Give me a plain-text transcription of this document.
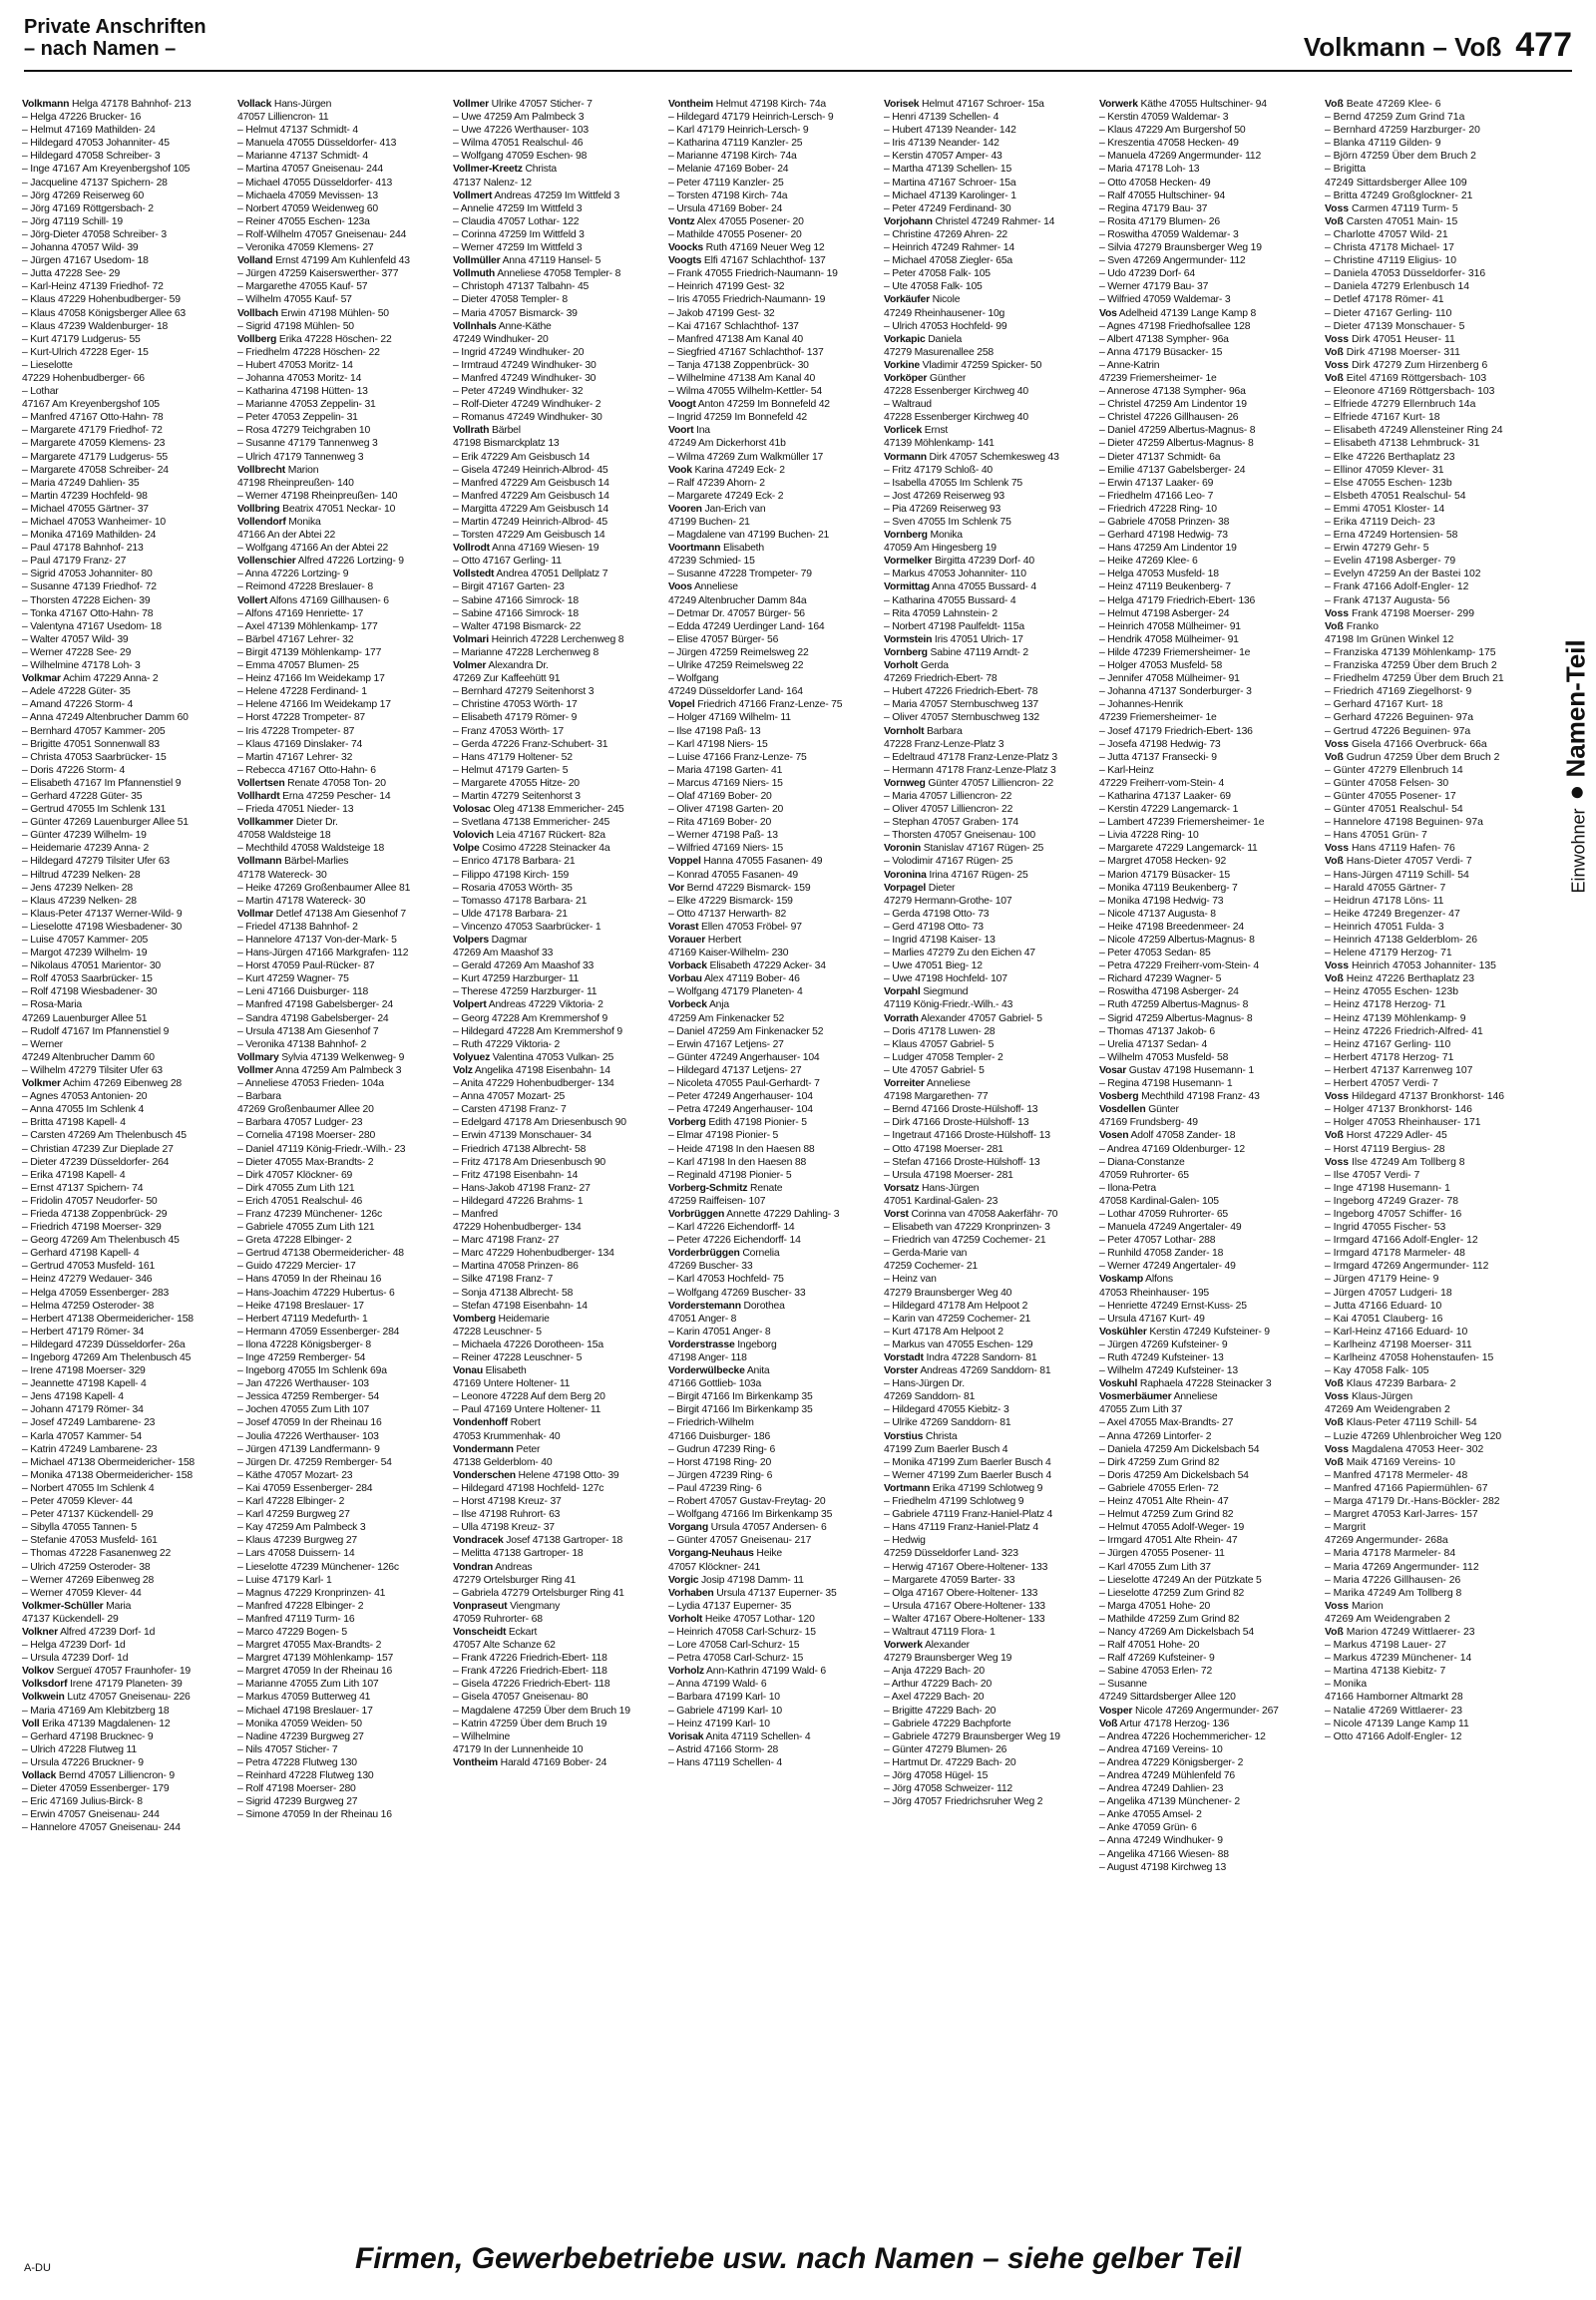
Private Anschriften
– nach Namen –	Volkmann – Voß 477
Volkmann Helga 47178 Bahnhof- 213
– Helga 47226 Brucker- 16
– Helmut 47169 Mathilden- 24
– Hildegard 47053 Johanniter- 45
– Hildegard 47058 Schreiber- 3
– Inge 47167 Am Kreyenbergshof 105
– Jacqueline 47137 Spichern- 28
– Jörg 47269 Reiserweg 60
– Jörg 47169 Röttgersbach- 2
– Jörg 47119 Schill- 19
– Jörg-Dieter 47058 Schreiber- 3
– Johanna 47057 Wild- 39
– Jürgen 47167 Usedom- 18
– Jutta 47228 See- 29
– Karl-Heinz 47139 Friedhof- 72
– Klaus 47229 Hohenbudberger- 59
– Klaus 47058 Königsberger Allee 63
– Klaus 47239 Waldenburger- 18
– Kurt 47179 Ludgerus- 55
– Kurt-Ulrich 47228 Eger- 15
– Lieselotte
47229 Hohenbudberger- 66
– Lothar
47167 Am Kreyenbergshof 105
– Manfred 47167 Otto-Hahn- 78
– Margarete 47179 Friedhof- 72
– Margarete 47059 Klemens- 23
– Margarete 47179 Ludgerus- 55
– Margarete 47058 Schreiber- 24
– Maria 47249 Dahlien- 35
– Martin 47239 Hochfeld- 98
– Michael 47055 Gärtner- 37
– Michael 47053 Wanheimer- 10
– Monika 47169 Mathilden- 24
– Paul 47178 Bahnhof- 213
– Paul 47179 Franz- 27
– Sigrid 47053 Johanniter- 80
– Susanne 47139 Friedhof- 72
– Thorsten 47228 Eichen- 39
– Tonka 47167 Otto-Hahn- 78
– Valentyna 47167 Usedom- 18
– Walter 47057 Wild- 39
– Werner 47228 See- 29
– Wilhelmine 47178 Loh- 3
Volkmar Achim 47229 Anna- 2
– Adele 47228 Güter- 35
– Amand 47226 Storm- 4
– Anna 47249 Altenbrucher Damm 60
– Bernhard 47057 Kammer- 205
– Brigitte 47051 Sonnenwall 83
– Christa 47053 Saarbrücker- 15
– Doris 47226 Storm- 4
– Elisabeth 47167 Im Pfannenstiel 9
– Gerhard 47228 Güter- 35
– Gertrud 47055 Im Schlenk 131
– Günter 47269 Lauenburger Allee 51
– Günter 47239 Wilhelm- 19
– Heidemarie 47239 Anna- 2
– Hildegard 47279 Tilsiter Ufer 63
– Hiltrud 47239 Nelken- 28
– Jens 47239 Nelken- 28
– Klaus 47239 Nelken- 28
– Klaus-Peter 47137 Werner-Wild- 9
– Lieselotte 47198 Wiesbadener- 30
– Luise 47057 Kammer- 205
– Margot 47239 Wilhelm- 19
– Nikolaus 47051 Marientor- 30
– Rolf 47053 Saarbrücker- 15
– Rolf 47198 Wiesbadener- 30
– Rosa-Maria
47269 Lauenburger Allee 51
– Rudolf 47167 Im Pfannenstiel 9
– Werner
47249 Altenbrucher Damm 60
– Wilhelm 47279 Tilsiter Ufer 63
Volkmer Achim 47269 Eibenweg 28
– Agnes 47053 Antonien- 20
– Anna 47055 Im Schlenk 4
– Britta 47198 Kapell- 4
– Carsten 47269 Am Thelenbusch 45
– Christian 47239 Zur Dieplade 27
– Dieter 47239 Düsseldorfer- 264
– Erika 47198 Kapell- 4
– Ernst 47137 Spichern- 74
– Fridolin 47057 Neudorfer- 50
– Frieda 47138 Zoppenbrück- 29
– Friedrich 47198 Moerser- 329
– Georg 47269 Am Thelenbusch 45
– Gerhard 47198 Kapell- 4
– Gertrud 47053 Musfeld- 161
– Heinz 47279 Wedauer- 346
– Helga 47059 Essenberger- 283
– Helma 47259 Osteroder- 38
– Herbert 47138 Obermeidericher- 158
– Herbert 47179 Römer- 34
– Hildegard 47239 Düsseldorfer- 26a
– Ingeborg 47269 Am Thelenbusch 45
– Irene 47198 Moerser- 329
– Jeannette 47198 Kapell- 4
– Jens 47198 Kapell- 4
– Johann 47179 Römer- 34
– Josef 47249 Lambarene- 23
– Karla 47057 Kammer- 54
– Katrin 47249 Lambarene- 23
– Michael 47138 Obermeidericher- 158
– Monika 47138 Obermeidericher- 158
– Norbert 47055 Im Schlenk 4
– Peter 47059 Klever- 44
– Peter 47137 Kückendell- 29
– Sibylla 47055 Tannen- 5
– Stefanie 47053 Musfeld- 161
– Thomas 47228 Fasanenweg 22
– Ulrich 47259 Osteroder- 38
– Werner 47269 Eibenweg 28
– Werner 47059 Klever- 44
Volkmer-Schüller Maria
47137 Kückendell- 29
Volkner Alfred 47239 Dorf- 1d
– Helga 47239 Dorf- 1d
– Ursula 47239 Dorf- 1d
Volkov Sergueï 47057 Fraunhofer- 19
Volksdorf Irene 47179 Planeten- 39
Volkwein Lutz 47057 Gneisenau- 226
– Maria 47169 Am Klebitzberg 18
Voll Erika 47139 Magdalenen- 12
– Gerhard 47198 Brucknec- 9
– Ulrich 47228 Flutweg 11
– Ursula 47226 Bruckner- 9
Vollack Bernd 47057 Lilliencron- 9
– Dieter 47059 Essenberger- 179
– Eric 47169 Julius-Birck- 8
– Erwin 47057 Gneisenau- 244
– Hannelore 47057 Gneisenau- 244
Vollack Hans-Jürgen
47057 Lilliencron- 11
– Helmut 47137 Schmidt- 4
– Manuela 47055 Düsseldorfer- 413
– Marianne 47137 Schmidt- 4
– Martina 47057 Gneisenau- 244
– Michael 47055 Düsseldorfer- 413
– Michaela 47059 Mevissen- 13
– Norbert 47059 Weidenweg 60
– Reiner 47055 Eschen- 123a
– Rolf-Wilhelm 47057 Gneisenau- 244
– Veronika 47059 Klemens- 27
Volland Ernst 47199 Am Kuhlenfeld 43
– Jürgen 47259 Kaiserswerther- 377
– Margarethe 47055 Kauf- 57
– Wilhelm 47055 Kauf- 57
Vollbach Erwin 47198 Mühlen- 50
– Sigrid 47198 Mühlen- 50
Vollberg Erika 47228 Höschen- 22
– Friedhelm 47228 Höschen- 22
– Hubert 47053 Moritz- 14
– Johanna 47053 Moritz- 14
– Katharina 47198 Hütten- 13
– Marianne 47053 Zeppelin- 31
– Peter 47053 Zeppelin- 31
– Rosa 47279 Teichgraben 10
– Susanne 47179 Tannenweg 3
– Ulrich 47179 Tannenweg 3
Vollbrecht Marion
47198 Rheinpreußen- 140
– Werner 47198 Rheinpreußen- 140
Vollbring Beatrix 47051 Neckar- 10
Vollendorf Monika
47166 An der Abtei 22
– Wolfgang 47166 An der Abtei 22
Vollenschier Alfred 47226 Lortzing- 9
– Anna 47226 Lortzing- 9
– Reimond 47228 Breslauer- 8
Vollert Alfons 47169 Gillhausen- 6
– Alfons 47169 Henriette- 17
– Axel 47139 Möhlenkamp- 177
– Bärbel 47167 Lehrer- 32
– Birgit 47139 Möhlenkamp- 177
– Emma 47057 Blumen- 25
– Heinz 47166 Im Weidekamp 17
– Helene 47228 Ferdinand- 1
– Helene 47166 Im Weidekamp 17
– Horst 47228 Trompeter- 87
– Iris 47228 Trompeter- 87
– Klaus 47169 Dinslaker- 74
– Martin 47167 Lehrer- 32
– Rebecca 47167 Otto-Hahn- 6
Vollertsen Renate 47058 Ton- 20
Vollhardt Erna 47259 Pescher- 14
– Frieda 47051 Nieder- 13
Vollkammer Dieter Dr.
47058 Waldsteige 18
– Mechthild 47058 Waldsteige 18
Vollmann Bärbel-Marlies
47178 Watereck- 30
– Heike 47269 Großenbaumer Allee 81
– Martin 47178 Watereck- 30
Vollmar Detlef 47138 Am Giesenhof 7
– Friedel 47138 Bahnhof- 2
– Hannelore 47137 Von-der-Mark- 5
– Hans-Jürgen 47166 Markgrafen- 112
– Horst 47059 Paul-Rücker- 87
– Kurt 47259 Wagner- 75
– Leni 47166 Duisburger- 118
– Manfred 47198 Gabelsberger- 24
– Sandra 47198 Gabelsberger- 24
– Ursula 47138 Am Giesenhof 7
– Veronika 47138 Bahnhof- 2
Vollmary Sylvia 47139 Welkenweg- 9
Vollmer Anna 47259 Am Palmbeck 3
– Anneliese 47053 Frieden- 104a
– Barbara
47269 Großenbaumer Allee 20
– Barbara 47057 Ludger- 23
– Cornelia 47198 Moerser- 280
– Daniel 47119 König-Friedr.-Wilh.- 23
– Dieter 47055 Max-Brandts- 2
– Dirk 47057 Klöckner- 69
– Dirk 47055 Zum Lith 121
– Erich 47051 Realschul- 46
– Franz 47239 Münchener- 126c
– Gabriele 47055 Zum Lith 121
– Greta 47228 Elbinger- 2
– Gertrud 47138 Obermeidericher- 48
– Guido 47229 Mercier- 17
– Hans 47059 In der Rheinau 16
– Hans-Joachim 47229 Hubertus- 6
– Heike 47198 Breslauer- 17
– Herbert 47119 Medefurth- 1
– Hermann 47059 Essenberger- 284
– Ilona 47228 Königsberger- 8
– Inge 47259 Remberger- 54
– Ingeborg 47055 Im Schlenk 69a
– Jan 47226 Werthauser- 103
– Jessica 47259 Remberger- 54
– Jochen 47055 Zum Lith 107
– Josef 47059 In der Rheinau 16
– Joulia 47226 Werthauser- 103
– Jürgen 47139 Landfermann- 9
– Jürgen Dr. 47259 Remberger- 54
– Käthe 47057 Mozart- 23
– Kai 47059 Essenberger- 284
– Karl 47228 Elbinger- 2
– Karl 47259 Burgweg 27
– Kay 47259 Am Palmbeck 3
– Klaus 47239 Burgweg 27
– Lars 47058 Duissern- 14
– Lieselotte 47239 Münchener- 126c
– Luise 47179 Karl- 1
– Magnus 47229 Kronprinzen- 41
– Manfred 47228 Elbinger- 2
– Manfred 47119 Turm- 16
– Marco 47229 Bogen- 5
– Margret 47055 Max-Brandts- 2
– Margret 47139 Möhlenkamp- 157
– Margret 47059 In der Rheinau 16
– Marianne 47055 Zum Lith 107
– Markus 47059 Butterweg 41
– Michael 47198 Breslauer- 17
– Monika 47059 Weiden- 50
– Nadine 47239 Burgweg 27
– Nils 47057 Sticher- 7
– Petra 47228 Flutweg 130
– Reinhard 47228 Flutweg 130
– Rolf 47198 Moerser- 280
– Sigrid 47239 Burgweg 27
– Simone 47059 In der Rheinau 16
Vollmer Ulrike 47057 Sticher- 7
– Uwe 47259 Am Palmbeck 3
– Uwe 47226 Werthauser- 103
– Wilma 47051 Realschul- 46
– Wolfgang 47059 Eschen- 98
Vollmer-Kreetz Christa
47137 Nalenz- 12
Vollmert Andreas 47259 Im Wittfeld 3
– Annelie 47259 Im Wittfeld 3
– Claudia 47057 Lothar- 122
– Corinna 47259 Im Wittfeld 3
– Werner 47259 Im Wittfeld 3
Vollmüller Anna 47119 Hansel- 5
Vollmuth Anneliese 47058 Templer- 8
– Christoph 47137 Talbahn- 45
– Dieter 47058 Templer- 8
– Maria 47057 Bismarck- 39
Vollnhals Anne-Käthe
47249 Windhuker- 20
– Ingrid 47249 Windhuker- 20
– Irmtraud 47249 Windhuker- 30
– Manfred 47249 Windhuker- 30
– Peter 47249 Windhuker- 32
– Rolf-Dieter 47249 Windhuker- 2
– Romanus 47249 Windhuker- 30
Vollrath Bärbel
47198 Bismarckplatz 13
– Erik 47229 Am Geisbusch 14
– Gisela 47249 Heinrich-Albrod- 45
– Manfred 47229 Am Geisbusch 14
– Manfred 47229 Am Geisbusch 14
– Margitta 47229 Am Geisbusch 14
– Martin 47249 Heinrich-Albrod- 45
– Torsten 47229 Am Geisbusch 14
Vollrodt Anna 47169 Wiesen- 19
– Otto 47167 Gerling- 11
Vollstedt Andrea 47051 Dellplatz 7
– Birgit 47167 Garten- 23
– Sabine 47166 Simrock- 18
– Sabine 47166 Simrock- 18
– Walter 47198 Bismarck- 22
Volmari Heinrich 47228 Lerchenweg 8
– Marianne 47228 Lerchenweg 8
Volmer Alexandra Dr.
47269 Zur Kaffeehütt 91
– Bernhard 47279 Seitenhorst 3
– Christine 47053 Wörth- 17
– Elisabeth 47179 Römer- 9
– Franz 47053 Wörth- 17
– Gerda 47226 Franz-Schubert- 31
– Hans 47179 Holtener- 52
– Helmut 47179 Garten- 5
– Margarete 47055 Hitze- 20
– Martin 47279 Seitenhorst 3
Volosac Oleg 47138 Emmericher- 245
– Svetlana 47138 Emmericher- 245
Volovich Leia 47167 Rückert- 82a
Volpe Cosimo 47228 Steinacker 4a
– Enrico 47178 Barbara- 21
– Filippo 47198 Kirch- 159
– Rosaria 47053 Wörth- 35
– Tomasso 47178 Barbara- 21
– Ulde 47178 Barbara- 21
– Vincenzo 47053 Saarbrücker- 1
Volpers Dagmar
47269 Am Maashof 33
– Gerald 47269 Am Maashof 33
– Kurt 47259 Harzburger- 11
– Therese 47259 Harzburger- 11
Volpert Andreas 47229 Viktoria- 2
– Georg 47228 Am Kremmershof 9
– Hildegard 47228 Am Kremmershof 9
– Ruth 47229 Viktoria- 2
Volyuez Valentina 47053 Vulkan- 25
Volz Angelika 47198 Eisenbahn- 14
– Anita 47229 Hohenbudberger- 134
– Anna 47057 Mozart- 25
– Carsten 47198 Franz- 7
– Edelgard 47178 Am Driesenbusch 90
– Erwin 47139 Monschauer- 34
– Friedrich 47138 Albrecht- 58
– Fritz 47178 Am Driesenbusch 90
– Fritz 47198 Eisenbahn- 14
– Hans-Jakob 47198 Franz- 27
– Hildegard 47226 Brahms- 1
– Manfred
47229 Hohenbudberger- 134
– Marc 47198 Franz- 27
– Marc 47229 Hohenbudberger- 134
– Martina 47058 Prinzen- 86
– Silke 47198 Franz- 7
– Sonja 47138 Albrecht- 58
– Stefan 47198 Eisenbahn- 14
Vomberg Heidemarie
47228 Leuschner- 5
– Michaela 47226 Dorotheen- 15a
– Reiner 47228 Leuschner- 5
Vonau Elisabeth
47169 Untere Holtener- 11
– Leonore 47228 Auf dem Berg 20
– Paul 47169 Untere Holtener- 11
Vondenhoff Robert
47053 Krummenhak- 40
Vondermann Peter
47138 Gelderblom- 40
Vonderschen Helene 47198 Otto- 39
– Hildegard 47198 Hochfeld- 127c
– Horst 47198 Kreuz- 37
– Ilse 47198 Ruhrort- 63
– Ulla 47198 Kreuz- 37
Vondracek Josef 47138 Gartroper- 18
– Melitta 47138 Gartroper- 18
Vondran Andreas
47279 Ortelsburger Ring 41
– Gabriela 47279 Ortelsburger Ring 41
Vonpraseut Viengmany
47059 Ruhrorter- 68
Vonscheidt Eckart
47057 Alte Schanze 62
– Frank 47226 Friedrich-Ebert- 118
– Frank 47226 Friedrich-Ebert- 118
– Gisela 47226 Friedrich-Ebert- 118
– Gisela 47057 Gneisenau- 80
– Magdalene 47259 Über dem Bruch 19
– Katrin 47259 Über dem Bruch 19
– Wilhelmine
47179 In der Lunnenheide 10
Vontheim Harald 47169 Bober- 24
Vontheim Helmut 47198 Kirch- 74a
– Hildegard 47179 Heinrich-Lersch- 9
– Karl 47179 Heinrich-Lersch- 9
– Katharina 47119 Kanzler- 25
– Marianne 47198 Kirch- 74a
– Melanie 47169 Bober- 24
– Peter 47119 Kanzler- 25
– Torsten 47198 Kirch- 74a
– Ursula 47169 Bober- 24
Vontz Alex 47055 Posener- 20
– Mathilde 47055 Posener- 20
Voocks Ruth 47169 Neuer Weg 12
Voogts Elfi 47167 Schlachthof- 137
– Frank 47055 Friedrich-Naumann- 19
– Heinrich 47199 Gest- 32
– Iris 47055 Friedrich-Naumann- 19
– Jakob 47199 Gest- 32
– Kai 47167 Schlachthof- 137
– Manfred 47138 Am Kanal 40
– Siegfried 47167 Schlachthof- 137
– Tanja 47138 Zoppenbrück- 30
– Wilhelmine 47138 Am Kanal 40
– Wilma 47055 Wilhelm-Kettler- 54
Voogt Anton 47259 Im Bonnefeld 42
– Ingrid 47259 Im Bonnefeld 42
Voort Ina
47249 Am Dickerhorst 41b
– Wilma 47269 Zum Walkmüller 17
Vook Karina 47249 Eck- 2
– Ralf 47239 Ahorn- 2
– Margarete 47249 Eck- 2
Vooren Jan-Erich van
47199 Buchen- 21
– Magdalene van 47199 Buchen- 21
Voortmann Elisabeth
47239 Schmied- 15
– Susanne 47228 Trompeter- 79
Voos Anneliese
47249 Altenbrucher Damm 84a
– Detmar Dr. 47057 Bürger- 56
– Edda 47249 Uerdinger Land- 164
– Elise 47057 Bürger- 56
– Jürgen 47259 Reimelsweg 22
– Ulrike 47259 Reimelsweg 22
– Wolfgang
47249 Düsseldorfer Land- 164
Vopel Friedrich 47166 Franz-Lenze- 75
– Holger 47169 Wilhelm- 11
– Ilse 47198 Paß- 13
– Karl 47198 Niers- 15
– Luise 47166 Franz-Lenze- 75
– Maria 47198 Garten- 41
– Marcus 47169 Niers- 15
– Olaf 47169 Bober- 20
– Oliver 47198 Garten- 20
– Rita 47169 Bober- 20
– Werner 47198 Paß- 13
– Wilfried 47169 Niers- 15
Voppel Hanna 47055 Fasanen- 49
– Konrad 47055 Fasanen- 49
Vor Bernd 47229 Bismarck- 159
– Elke 47229 Bismarck- 159
– Otto 47137 Herwarth- 82
Vorast Ellen 47053 Fröbel- 97
Vorauer Herbert
47169 Kaiser-Wilhelm- 230
Vorback Elisabeth 47229 Acker- 34
Vorbau Alex 47119 Bober- 46
– Wolfgang 47179 Planeten- 4
Vorbeck Anja
47259 Am Finkenacker 52
– Daniel 47259 Am Finkenacker 52
– Erwin 47167 Letjens- 27
– Günter 47249 Angerhauser- 104
– Hildegard 47137 Letjens- 27
– Nicoleta 47055 Paul-Gerhardt- 7
– Peter 47249 Angerhauser- 104
– Petra 47249 Angerhauser- 104
Vorberg Edith 47198 Pionier- 5
– Elmar 47198 Pionier- 5
– Heide 47198 In den Haesen 88
– Karl 47198 In den Haesen 88
– Reginald 47198 Pionier- 5
Vorberg-Schmitz Renate
47259 Raiffeisen- 107
Vorbrüggen Annette 47229 Dahling- 3
– Karl 47226 Eichendorff- 14
– Peter 47226 Eichendorff- 14
Vorderbrüggen Cornelia
47269 Buscher- 33
– Karl 47053 Hochfeld- 75
– Wolfgang 47269 Buscher- 33
Vorderstemann Dorothea
47051 Anger- 8
– Karin 47051 Anger- 8
Vorderstrasse Ingeborg
47198 Anger- 118
Vorderwülbecke Anita
47166 Gottlieb- 103a
– Birgit 47166 Im Birkenkamp 35
– Birgit 47166 Im Birkenkamp 35
– Friedrich-Wilhelm
47166 Duisburger- 186
– Gudrun 47239 Ring- 6
– Horst 47198 Ring- 20
– Jürgen 47239 Ring- 6
– Paul 47239 Ring- 6
– Robert 47057 Gustav-Freytag- 20
– Wolfgang 47166 Im Birkenkamp 35
Vorgang Ursula 47057 Andersen- 6
– Günter 47057 Gneisenau- 217
Vorgang-Neuhaus Heike
47057 Klöckner- 241
Vorgic Josip 47198 Damm- 11
Vorhaben Ursula 47137 Euperner- 35
– Lydia 47137 Euperner- 35
Vorholt Heike 47057 Lothar- 120
– Heinrich 47058 Carl-Schurz- 15
– Lore 47058 Carl-Schurz- 15
– Petra 47058 Carl-Schurz- 15
Vorholz Ann-Kathrin 47199 Wald- 6
– Anna 47199 Wald- 6
– Barbara 47199 Karl- 10
– Gabriele 47199 Karl- 10
– Heinz 47199 Karl- 10
Vorisak Anita 47119 Schellen- 4
– Astrid 47166 Storm- 28
– Hans 47119 Schellen- 4
Vorisek Helmut 47167 Schroer- 15a
– Henri 47139 Schellen- 4
– Hubert 47139 Neander- 142
– Iris 47139 Neander- 142
– Kerstin 47057 Amper- 43
– Martha 47139 Schellen- 15
– Martina 47167 Schroer- 15a
– Michael 47139 Karolinger- 1
– Peter 47249 Ferdinand- 30
Vorjohann Christel 47249 Rahmer- 14
– Christine 47269 Ahren- 22
– Heinrich 47249 Rahmer- 14
– Michael 47058 Ziegler- 65a
– Peter 47058 Falk- 105
– Ute 47058 Falk- 105
Vorkäufer Nicole
47249 Rheinhausener- 10g
– Ulrich 47053 Hochfeld- 99
Vorkapic Daniela
47279 Masurenallee 258
Vorkine Vladimir 47259 Spicker- 50
Vorköper Günther
47228 Essenberger Kirchweg 40
– Waltraud
47228 Essenberger Kirchweg 40
Vorlicek Ernst
47139 Möhlenkamp- 141
Vormann Dirk 47057 Schemkesweg 43
– Fritz 47179 Schloß- 40
– Isabella 47055 Im Schlenk 75
– Jost 47269 Reiserweg 93
– Pia 47269 Reiserweg 93
– Sven 47055 Im Schlenk 75
Vornberg Monika
47059 Am Hingesberg 19
Vormelker Birgitta 47239 Dorf- 40
– Markus 47053 Johanniter- 110
Vormittag Anna 47055 Bussard- 4
– Katharina 47055 Bussard- 4
– Rita 47059 Lahnstein- 2
– Norbert 47198 Paulfeldt- 115a
Vormstein Iris 47051 Ulrich- 17
Vornberg Sabine 47119 Arndt- 2
Vorholt Gerda
47269 Friedrich-Ebert- 78
– Hubert 47226 Friedrich-Ebert- 78
– Maria 47057 Sternbuschweg 137
– Oliver 47057 Sternbuschweg 132
Vornholt Barbara
47228 Franz-Lenze-Platz 3
– Edeltraud 47178 Franz-Lenze-Platz 3
– Hermann 47178 Franz-Lenze-Platz 3
Vornweg Günter 47057 Lilliencron- 22
– Maria 47057 Lilliencron- 22
– Oliver 47057 Lilliencron- 22
– Stephan 47057 Graben- 174
– Thorsten 47057 Gneisenau- 100
Voronin Stanislav 47167 Rügen- 25
– Volodimir 47167 Rügen- 25
Voronina Irina 47167 Rügen- 25
Vorpagel Dieter
47279 Hermann-Grothe- 107
– Gerda 47198 Otto- 73
– Gerd 47198 Otto- 73
– Ingrid 47198 Kaiser- 13
– Marlies 47279 Zu den Eichen 47
– Uwe 47051 Bieg- 12
– Uwe 47198 Hochfeld- 107
Vorpahl Siegmund
47119 König-Friedr.-Wilh.- 43
Vorrath Alexander 47057 Gabriel- 5
– Doris 47178 Luwen- 28
– Klaus 47057 Gabriel- 5
– Ludger 47058 Templer- 2
– Ute 47057 Gabriel- 5
Vorreiter Anneliese
47198 Margarethen- 77
– Bernd 47166 Droste-Hülshoff- 13
– Dirk 47166 Droste-Hülshoff- 13
– Ingetraut 47166 Droste-Hülshoff- 13
– Otto 47198 Moerser- 281
– Stefan 47166 Droste-Hülshoff- 13
– Ursula 47198 Moerser- 281
Vorsatz Hans-Jürgen
47051 Kardinal-Galen- 23
Vorst Corinna van 47058 Aakerfähr- 70
– Elisabeth van 47229 Kronprinzen- 3
– Friedrich van 47259 Cochemer- 21
– Gerda-Marie van
47259 Cochemer- 21
– Heinz van
47279 Braunsberger Weg 40
– Hildegard 47178 Am Helpoot 2
– Karin van 47259 Cochemer- 21
– Kurt 47178 Am Helpoot 2
– Markus van 47055 Eschen- 129
Vorstadt Indra 47228 Sandorn- 81
Vorster Andreas 47269 Sanddorn- 81
– Hans-Jürgen Dr.
47269 Sanddorn- 81
– Hildegard 47055 Kiebitz- 3
– Ulrike 47269 Sanddorn- 81
Vorstius Christa
47199 Zum Baerler Busch 4
– Monika 47199 Zum Baerler Busch 4
– Werner 47199 Zum Baerler Busch 4
Vortmann Erika 47199 Schlotweg 9
– Friedhelm 47199 Schlotweg 9
– Gabriele 47119 Franz-Haniel-Platz 4
– Hans 47119 Franz-Haniel-Platz 4
– Hedwig
47259 Düsseldorfer Land- 323
– Herwig 47167 Obere-Holtener- 133
– Margarete 47059 Barter- 33
– Olga 47167 Obere-Holtener- 133
– Ursula 47167 Obere-Holtener- 133
– Walter 47167 Obere-Holtener- 133
– Waltraut 47119 Flora- 1
Vorwerk Alexander
47279 Braunsberger Weg 19
– Anja 47229 Bach- 20
– Arthur 47229 Bach- 20
– Axel 47229 Bach- 20
– Brigitte 47229 Bach- 20
– Gabriele 47229 Bachpforte
– Gabriele 47279 Braunsberger Weg 19
– Günter 47279 Blumen- 26
– Hartmut Dr. 47229 Bach- 20
– Jörg 47058 Hügel- 15
– Jörg 47058 Schweizer- 112
– Jörg 47057 Friedrichsruher Weg 2
Vorwerk Käthe 47055 Hultschiner- 94
– Kerstin 47059 Waldemar- 3
– Klaus 47229 Am Burgershof 50
– Kreszentia 47058 Hecken- 49
– Manuela 47269 Angermunder- 112
– Maria 47178 Loh- 13
– Otto 47058 Hecken- 49
– Ralf 47055 Hultschiner- 94
– Regina 47179 Bau- 37
– Rosita 47179 Blumen- 26
– Roswitha 47059 Waldemar- 3
– Silvia 47279 Braunsberger Weg 19
– Sven 47269 Angermunder- 112
– Udo 47239 Dorf- 64
– Werner 47179 Bau- 37
– Wilfried 47059 Waldemar- 3
Vos Adelheid 47139 Lange Kamp 8
– Agnes 47198 Friedhofsallee 128
– Albert 47138 Sympher- 96a
– Anna 47179 Büsacker- 15
– Anne-Katrin
47239 Friemersheimer- 1e
– Annerose 47138 Sympher- 96a
– Christel 47259 Am Lindentor 19
– Christel 47226 Gillhausen- 26
– Daniel 47259 Albertus-Magnus- 8
– Dieter 47259 Albertus-Magnus- 8
– Dieter 47137 Schmidt- 6a
– Emilie 47137 Gabelsberger- 24
– Erwin 47137 Laaker- 69
– Friedhelm 47166 Leo- 7
– Friedrich 47228 Ring- 10
– Gabriele 47058 Prinzen- 38
– Gerhard 47198 Hedwig- 73
– Hans 47259 Am Lindentor 19
– Heike 47269 Klee- 6
– Helga 47053 Musfeld- 18
– Heinz 47119 Beukenberg- 7
– Helga 47179 Friedrich-Ebert- 136
– Helmut 47198 Asberger- 24
– Heinrich 47058 Mülheimer- 91
– Hendrik 47058 Mülheimer- 91
– Hilde 47239 Friemersheimer- 1e
– Holger 47053 Musfeld- 58
– Jennifer 47058 Mülheimer- 91
– Johanna 47137 Sonderburger- 3
– Johannes-Henrik
47239 Friemersheimer- 1e
– Josef 47179 Friedrich-Ebert- 136
– Josefa 47198 Hedwig- 73
– Jutta 47137 Fransecki- 9
– Karl-Heinz
47229 Freiherr-vom-Stein- 4
– Katharina 47137 Laaker- 69
– Kerstin 47229 Langemarck- 1
– Lambert 47239 Friemersheimer- 1e
– Livia 47228 Ring- 10
– Margarete 47229 Langemarck- 11
– Margret 47058 Hecken- 92
– Marion 47179 Büsacker- 15
– Monika 47119 Beukenberg- 7
– Monika 47198 Hedwig- 73
– Nicole 47137 Augusta- 8
– Heike 47198 Breedenmeer- 24
– Nicole 47259 Albertus-Magnus- 8
– Peter 47053 Sedan- 85
– Petra 47229 Freiherr-vom-Stein- 4
– Richard 47239 Wagner- 5
– Roswitha 47198 Asberger- 24
– Ruth 47259 Albertus-Magnus- 8
– Sigrid 47259 Albertus-Magnus- 8
– Thomas 47137 Jakob- 6
– Urelia 47137 Sedan- 4
– Wilhelm 47053 Musfeld- 58
Vosar Gustav 47198 Husemann- 1
– Regina 47198 Husemann- 1
Vosberg Mechthild 47198 Franz- 43
Vosdellen Günter
47169 Frundsberg- 49
Vosen Adolf 47058 Zander- 18
– Andrea 47169 Oldenburger- 12
– Diana-Constanze
47059 Ruhrorter- 65
– Ilona-Petra
47058 Kardinal-Galen- 105
– Lothar 47059 Ruhrorter- 65
– Manuela 47249 Angertaler- 49
– Peter 47057 Lothar- 288
– Runhild 47058 Zander- 18
– Werner 47249 Angertaler- 49
Voskamp Alfons
47053 Rheinhauser- 195
– Henriette 47249 Ernst-Kuss- 25
– Ursula 47167 Kurt- 49
Voskühler Kerstin 47249 Kufsteiner- 9
– Jürgen 47269 Kufsteiner- 9
– Ruth 47249 Kufsteiner- 13
– Wilhelm 47249 Kufsteiner- 13
Voskuhl Raphaela 47228 Steinacker 3
Vosmerbäumer Anneliese
47055 Zum Lith 37
– Axel 47055 Max-Brandts- 27
– Anna 47269 Lintorfer- 2
– Daniela 47259 Am Dickelsbach 54
– Dirk 47259 Zum Grind 82
– Doris 47259 Am Dickelsbach 54
– Gabriele 47055 Erlen- 72
– Heinz 47051 Alte Rhein- 47
– Helmut 47259 Zum Grind 82
– Helmut 47055 Adolf-Weger- 19
– Irmgard 47051 Alte Rhein- 47
– Jürgen 47055 Posener- 11
– Karl 47055 Zum Lith 37
– Lieselotte 47249 An der Pützkate 5
– Lieselotte 47259 Zum Grind 82
– Marga 47051 Hohe- 20
– Mathilde 47259 Zum Grind 82
– Nancy 47269 Am Dickelsbach 54
– Ralf 47051 Hohe- 20
– Ralf 47269 Kufsteiner- 9
– Sabine 47053 Erlen- 72
– Susanne
47249 Sittardsberger Allee 120
Vosper Nicole 47269 Angermunder- 267
Voß Artur 47178 Herzog- 136
– Andrea 47226 Hochemmericher- 12
– Andrea 47169 Vereins- 10
– Andrea 47229 Königsberger- 2
– Andrea 47249 Mühlenfeld 76
– Andrea 47249 Dahlien- 23
– Angelika 47139 Münchener- 2
– Anke 47055 Amsel- 2
– Anke 47059 Grün- 6
– Anna 47249 Windhuker- 9
– Angelika 47166 Wiesen- 88
– August 47198 Kirchweg 13
Voß Beate 47269 Klee- 6
– Bernd 47259 Zum Grind 71a
– Bernhard 47259 Harzburger- 20
– Blanka 47119 Gilden- 9
– Björn 47259 Über dem Bruch 2
– Brigitta
47249 Sittardsberger Allee 109
– Britta 47249 Großglockner- 21
Voss Carmen 47119 Turm- 5
Voß Carsten 47051 Main- 15
– Charlotte 47057 Wild- 21
– Christa 47178 Michael- 17
– Christine 47119 Eligius- 10
– Daniela 47053 Düsseldorfer- 316
– Daniela 47279 Erlenbusch 14
– Detlef 47178 Römer- 41
– Dieter 47167 Gerling- 110
– Dieter 47139 Monschauer- 5
Voss Dirk 47051 Heuser- 11
Voß Dirk 47198 Moerser- 311
Voss Dirk 47279 Zum Hirzenberg 6
Voß Eitel 47169 Röttgersbach- 103
– Eleonore 47169 Röttgersbach- 103
– Elfriede 47279 Ellernbruch 14a
– Elfriede 47167 Kurt- 18
– Elisabeth 47249 Allensteiner Ring 24
– Elisabeth 47138 Lehmbruck- 31
– Elke 47226 Berthaplatz 23
– Ellinor 47059 Klever- 31
– Else 47055 Eschen- 123b
– Elsbeth 47051 Realschul- 54
– Emmi 47051 Kloster- 14
– Erika 47119 Deich- 23
– Erna 47249 Hortensien- 58
– Erwin 47279 Gehr- 5
– Evelin 47198 Asberger- 79
– Evelyn 47259 An der Bastei 102
– Frank 47166 Adolf-Engler- 12
– Frank 47137 Augusta- 56
Voss Frank 47198 Moerser- 299
Voß Franko
47198 Im Grünen Winkel 12
– Franziska 47139 Möhlenkamp- 175
– Franziska 47259 Über dem Bruch 2
– Friedhelm 47259 Über dem Bruch 21
– Friedrich 47169 Ziegelhorst- 9
– Gerhard 47167 Kurt- 18
– Gerhard 47226 Beguinen- 97a
– Gertrud 47226 Beguinen- 97a
Voss Gisela 47166 Overbruck- 66a
Voß Gudrun 47259 Über dem Bruch 2
– Günter 47279 Ellenbruch 14
– Günter 47058 Felsen- 30
– Günter 47055 Posener- 17
– Günter 47051 Realschul- 54
– Hannelore 47198 Beguinen- 97a
– Hans 47051 Grün- 7
Voss Hans 47119 Hafen- 76
Voß Hans-Dieter 47057 Verdi- 7
– Hans-Jürgen 47119 Schill- 54
– Harald 47055 Gärtner- 7
– Heidrun 47178 Löns- 11
– Heike 47249 Bregenzer- 47
– Heinrich 47051 Fulda- 3
– Heinrich 47138 Gelderblom- 26
– Helene 47179 Herzog- 71
Voss Heinrich 47053 Johanniter- 135
Voß Heinz 47226 Berthaplatz 23
– Heinz 47055 Eschen- 123b
– Heinz 47178 Herzog- 71
– Heinz 47139 Möhlenkamp- 9
– Heinz 47226 Friedrich-Alfred- 41
– Heinz 47167 Gerling- 110
– Herbert 47178 Herzog- 71
– Herbert 47137 Karrenweg 107
– Herbert 47057 Verdi- 7
Voss Hildegard 47137 Bronkhorst- 146
– Holger 47137 Bronkhorst- 146
– Holger 47053 Rheinhauser- 171
Voß Horst 47229 Adler- 45
– Horst 47119 Bergius- 28
Voss Ilse 47249 Am Tollberg 8
– Ilse 47057 Verdi- 7
– Inge 47198 Husemann- 1
– Ingeborg 47249 Grazer- 78
– Ingeborg 47057 Schiffer- 16
– Ingrid 47055 Fischer- 53
– Irmgard 47166 Adolf-Engler- 12
– Irmgard 47178 Marmeler- 48
– Irmgard 47269 Angermunder- 112
– Jürgen 47179 Heine- 9
– Jürgen 47057 Ludgeri- 18
– Jutta 47166 Eduard- 10
– Kai 47051 Clauberg- 16
– Karl-Heinz 47166 Eduard- 10
– Karlheinz 47198 Moerser- 311
– Karlheinz 47058 Hohenstaufen- 15
– Kay 47058 Falk- 105
Voß Klaus 47239 Barbara- 2
Voss Klaus-Jürgen
47269 Am Weidengraben 2
Voß Klaus-Peter 47119 Schill- 54
– Luzie 47269 Uhlenbroicher Weg 120
Voss Magdalena 47053 Heer- 302
Voß Maik 47169 Vereins- 10
– Manfred 47178 Mermeler- 48
– Manfred 47166 Papiermühlen- 67
– Marga 47179 Dr.-Hans-Böckler- 282
– Margret 47053 Karl-Jarres- 157
– Margrit
47269 Angermunder- 268a
– Maria 47178 Marmeler- 84
– Maria 47269 Angermunder- 112
– Maria 47226 Gillhausen- 26
– Marika 47249 Am Tollberg 8
Voss Marion
47269 Am Weidengraben 2
Voß Marion 47249 Wittlaerer- 23
– Markus 47198 Lauer- 27
– Markus 47239 Münchener- 14
– Martina 47138 Kiebitz- 7
– Monika
47166 Hamborner Altmarkt 28
– Natalie 47269 Wittlaerer- 23
– Nicole 47139 Lange Kamp 11
– Otto 47166 Adolf-Engler- 12
Einwohner● Namen-Teil
Firmen, Gewerbebetriebe usw. nach Namen – siehe gelber Teil
A-DU
